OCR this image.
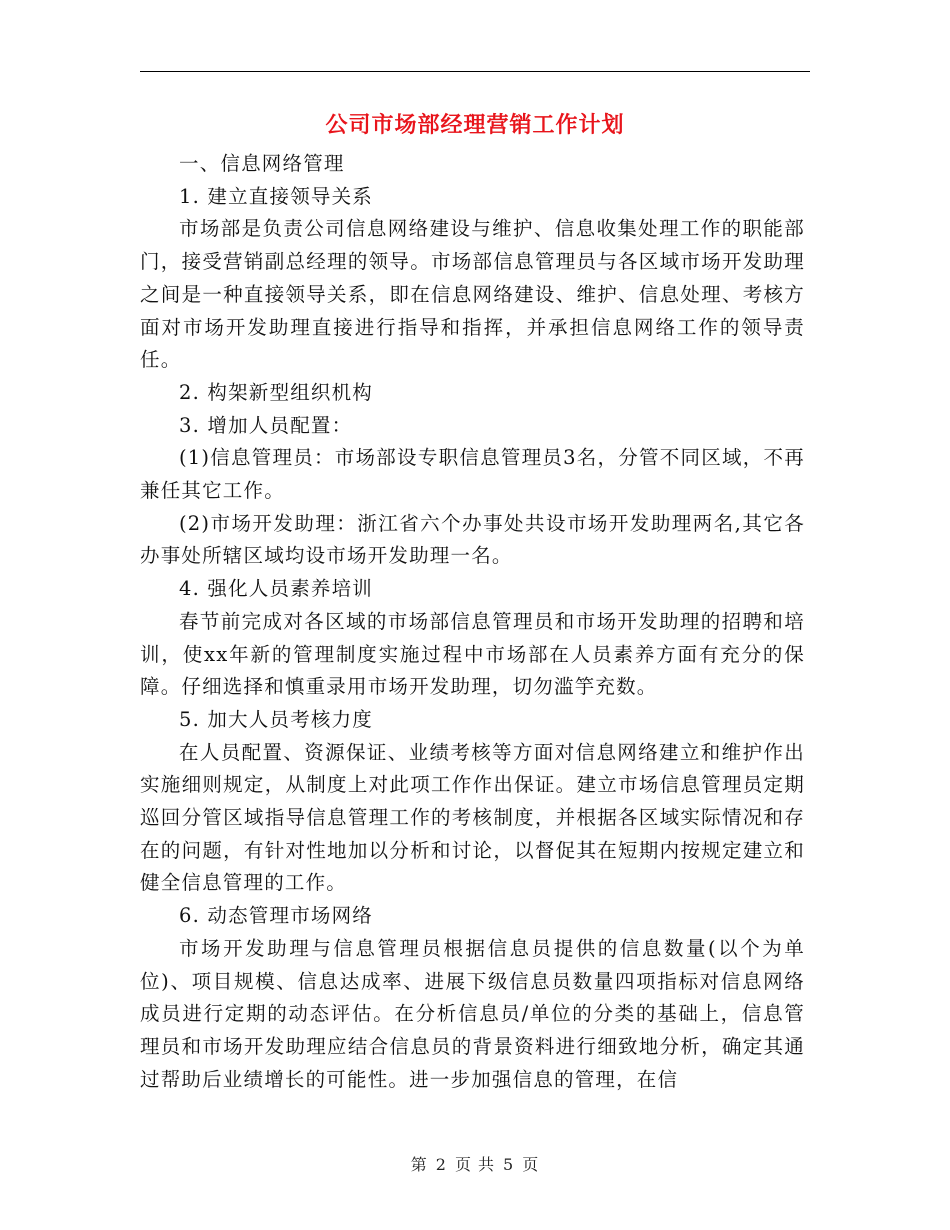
公司市场部经理营销工作计划

一、信息网络管理

1. 建立直接领导关系

市场部是负责公司信息网络建设与维护、信息收集处理工作的职能部门，接受营销副总经理的领导。市场部信息管理员与各区域市场开发助理之间是一种直接领导关系，即在信息网络建设、维护、信息处理、考核方面对市场开发助理直接进行指导和指挥，并承担信息网络工作的领导责任。

2. 构架新型组织机构

3. 增加人员配置：

(1)信息管理员：市场部设专职信息管理员3名，分管不同区域，不再兼任其它工作。

(2)市场开发助理：浙江省六个办事处共设市场开发助理两名,其它各办事处所辖区域均设市场开发助理一名。

4. 强化人员素养培训

春节前完成对各区域的市场部信息管理员和市场开发助理的招聘和培训，使xx年新的管理制度实施过程中市场部在人员素养方面有充分的保障。仔细选择和慎重录用市场开发助理，切勿滥竽充数。

5. 加大人员考核力度

在人员配置、资源保证、业绩考核等方面对信息网络建立和维护作出实施细则规定，从制度上对此项工作作出保证。建立市场信息管理员定期巡回分管区域指导信息管理工作的考核制度，并根据各区域实际情况和存在的问题，有针对性地加以分析和讨论，以督促其在短期内按规定建立和健全信息管理的工作。

6. 动态管理市场网络

市场开发助理与信息管理员根据信息员提供的信息数量(以个为单位)、项目规模、信息达成率、进展下级信息员数量四项指标对信息网络成员进行定期的动态评估。在分析信息员/单位的分类的基础上，信息管理员和市场开发助理应结合信息员的背景资料进行细致地分析，确定其通过帮助后业绩增长的可能性。进一步加强信息的管理，在信

第 2 页 共 5 页
